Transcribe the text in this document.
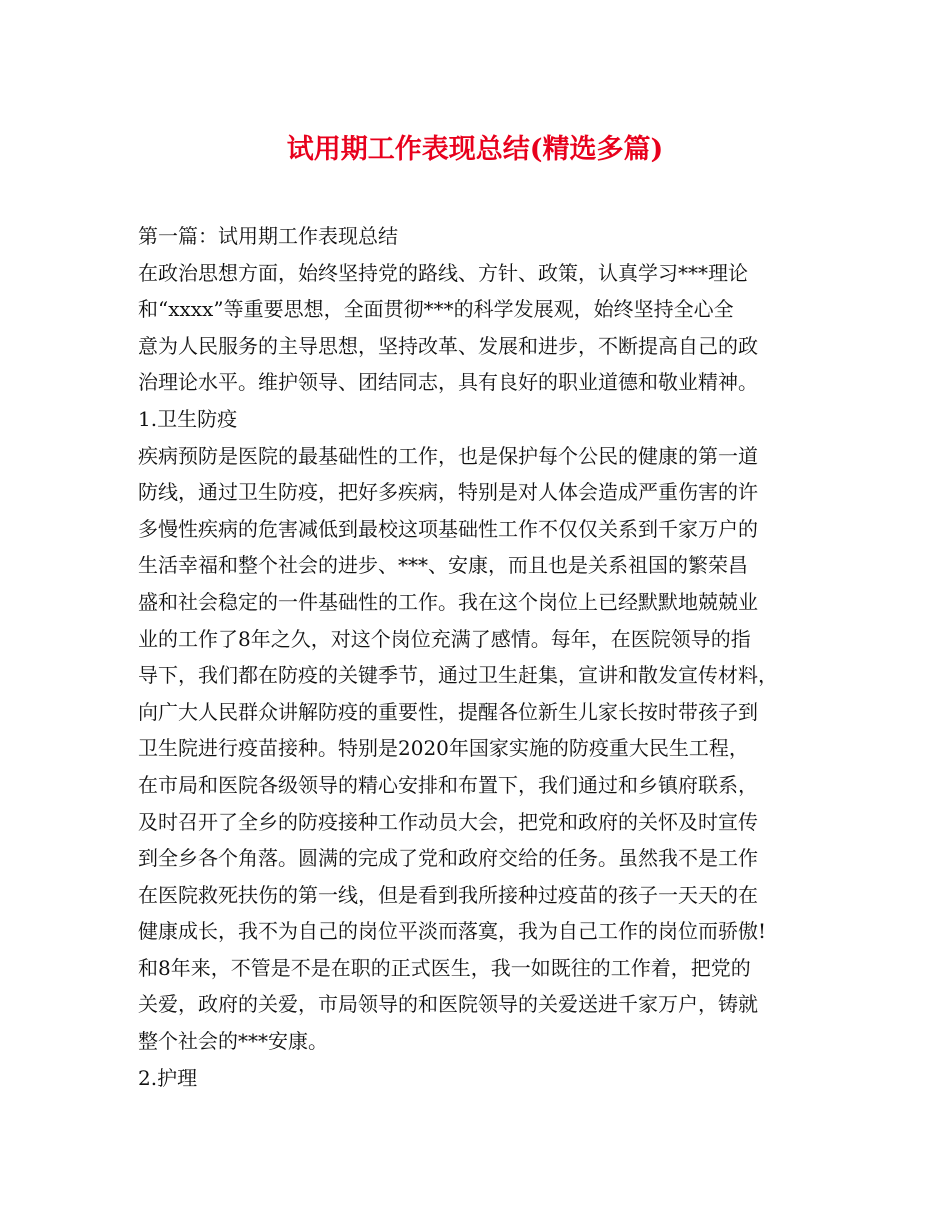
试用期工作表现总结(精选多篇)
第一篇：试用期工作表现总结
在政治思想方面，始终坚持党的路线、方针、政策，认真学习***理论
和“xxxx”等重要思想，全面贯彻***的科学发展观，始终坚持全心全
意为人民服务的主导思想，坚持改革、发展和进步，不断提高自己的政
治理论水平。维护领导、团结同志，具有良好的职业道德和敬业精神。
1.卫生防疫
疾病预防是医院的最基础性的工作，也是保护每个公民的健康的第一道
防线，通过卫生防疫，把好多疾病，特别是对人体会造成严重伤害的许
多慢性疾病的危害减低到最校这项基础性工作不仅仅关系到千家万户的
生活幸福和整个社会的进步、***、安康，而且也是关系祖国的繁荣昌
盛和社会稳定的一件基础性的工作。我在这个岗位上已经默默地兢兢业
业的工作了8年之久，对这个岗位充满了感情。每年，在医院领导的指
导下，我们都在防疫的关键季节，通过卫生赶集，宣讲和散发宣传材料，
向广大人民群众讲解防疫的重要性，提醒各位新生儿家长按时带孩子到
卫生院进行疫苗接种。特别是2020年国家实施的防疫重大民生工程，
在市局和医院各级领导的精心安排和布置下，我们通过和乡镇府联系，
及时召开了全乡的防疫接种工作动员大会，把党和政府的关怀及时宣传
到全乡各个角落。圆满的完成了党和政府交给的任务。虽然我不是工作
在医院救死扶伤的第一线，但是看到我所接种过疫苗的孩子一天天的在
健康成长，我不为自己的岗位平淡而落寞，我为自己工作的岗位而骄傲!
和8年来，不管是不是在职的正式医生，我一如既往的工作着，把党的
关爱，政府的关爱，市局领导的和医院领导的关爱送进千家万户，铸就
整个社会的***安康。
2.护理
